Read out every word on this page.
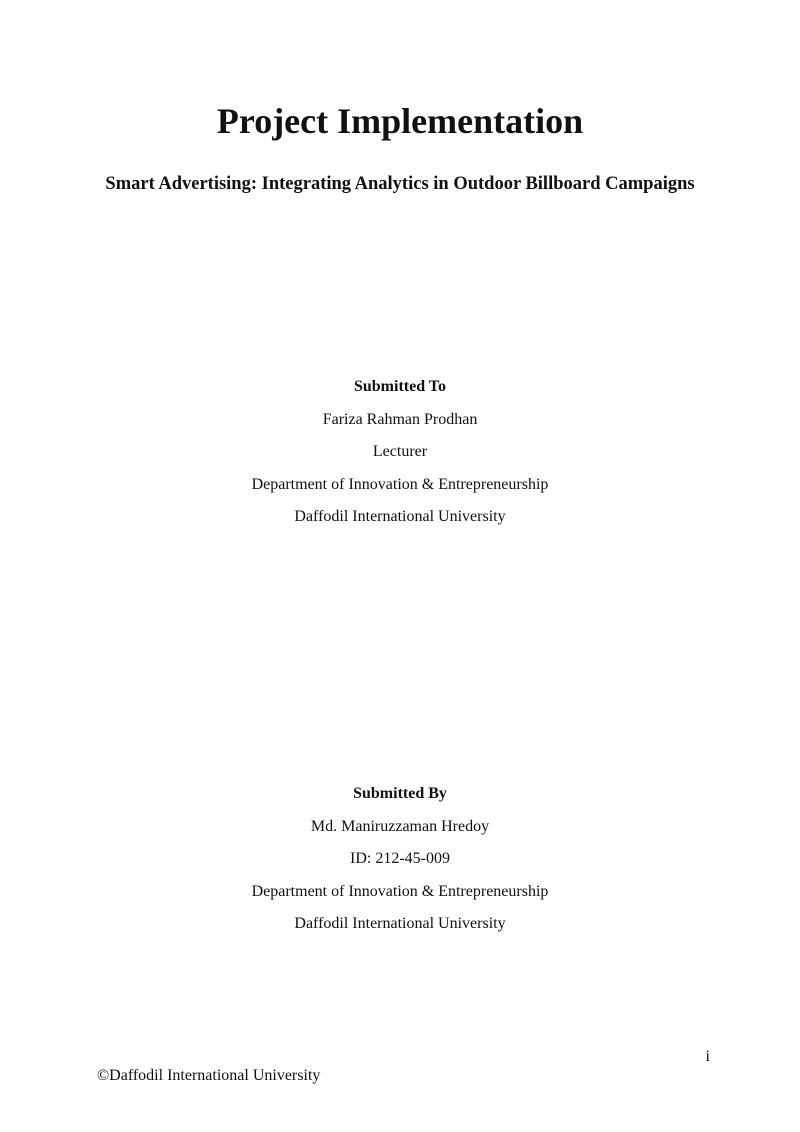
Project Implementation
Smart Advertising: Integrating Analytics in Outdoor Billboard Campaigns
Submitted To
Fariza Rahman Prodhan
Lecturer
Department of Innovation & Entrepreneurship
Daffodil International University
Submitted By
Md. Maniruzzaman Hredoy
ID: 212-45-009
Department of Innovation & Entrepreneurship
Daffodil International University
i
©Daffodil International University
